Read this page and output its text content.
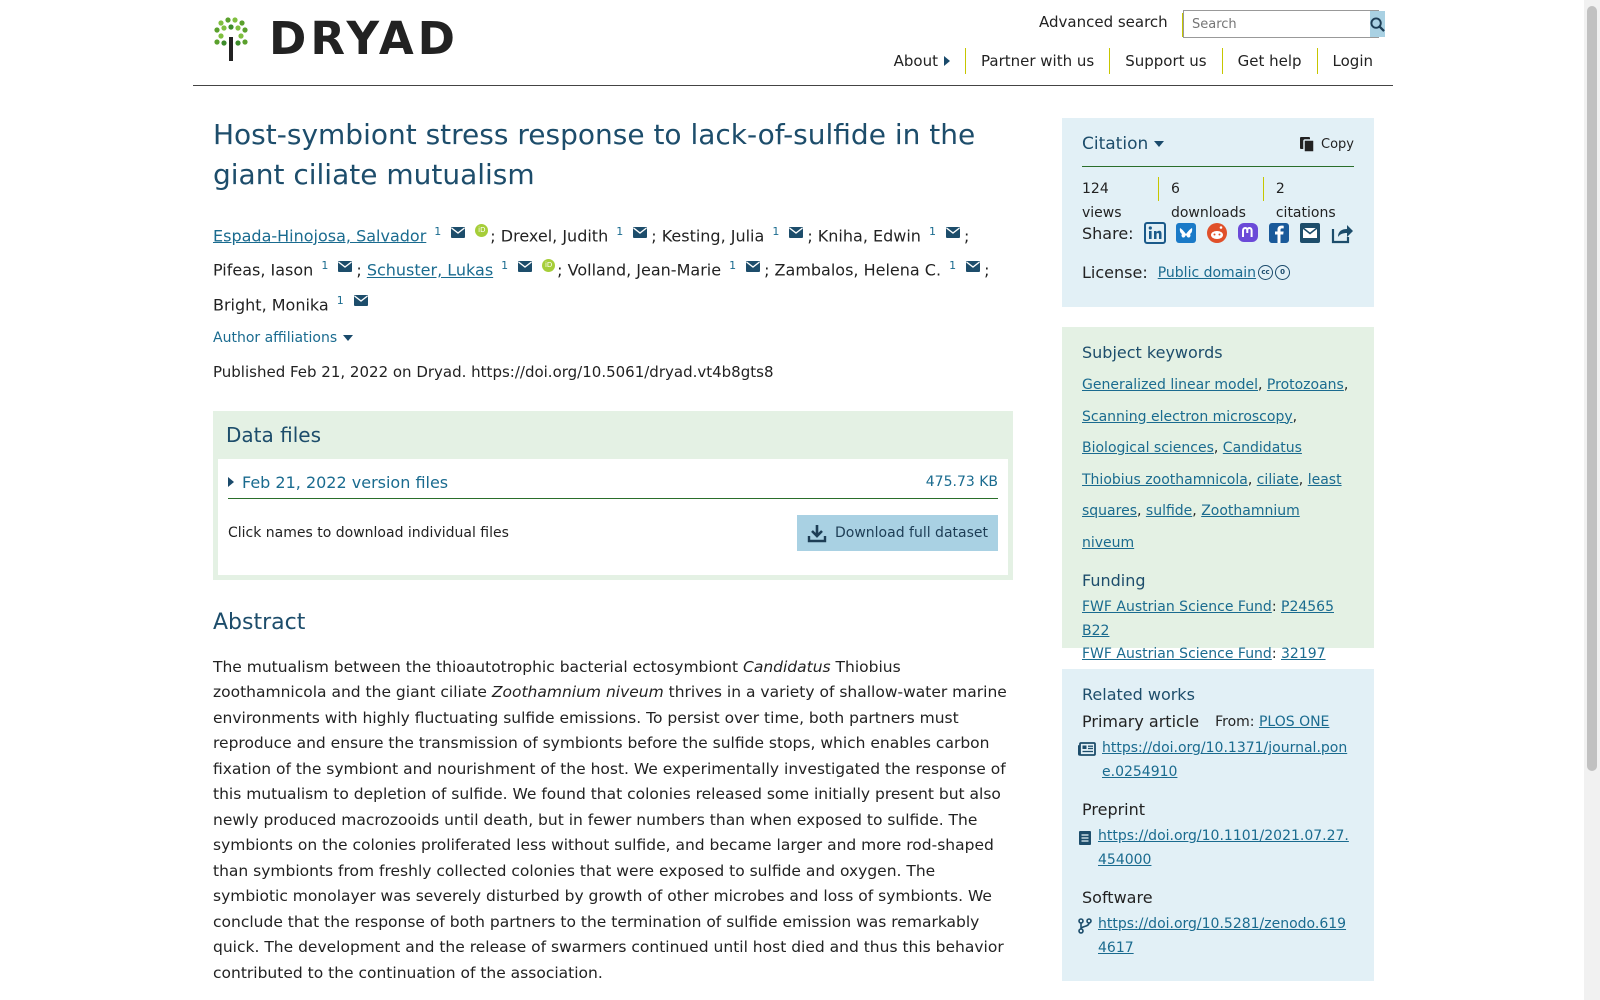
DRYAD	Advanced search
Search
About	Partner with us	Support us	Get help	Login
Host-symbiont stress response to lack-of-sulfide in the giant ciliate mutualism
Espada-Hinojosa, Salvador $^1$	iD ; Drexel, Judith $^1$ ; Kesting, Julia $^1$ ; Kniha, Edwin $^1$ ; Pifeas, Iason $^1$ ; Schuster, Lukas $^1$	iD ; Volland, Jean-Marie $^1$ ; Zambalos, Helena C. $^1$ ; Bright, Monika $^1$
Author affiliations
Published Feb 21, 2022 on Dryad. https://doi.org/10.5061/dryad.vt4b8gts8
Data files
Feb 21, 2022 version files	475.73 KB
Click names to download individual files	Download full dataset
Abstract

The mutualism between the thioautotrophic bacterial ectosymbiont Candidatus Thiobius zoothamnicola and the giant ciliate Zoothamnium niveum thrives in a variety of shallow-water marine environments with highly fluctuating sulfide emissions. To persist over time, both partners must reproduce and ensure the transmission of symbionts before the sulfide stops, which enables carbon fixation of the symbiont and nourishment of the host. We experimentally investigated the response of this mutualism to depletion of sulfide. We found that colonies released some initially present but also newly produced macrozooids until death, but in fewer numbers than when exposed to sulfide. The symbionts on the colonies proliferated less without sulfide, and became larger and more rod-shaped than symbionts from freshly collected colonies that were exposed to sulfide and oxygen. The symbiotic monolayer was severely disturbed by growth of other microbes and loss of symbionts. We conclude that the response of both partners to the termination of sulfide emission was remarkably quick. The development and the release of swarmers continued until host died and thus this behavior contributed to the continuation of the association.

Citation	Copy
124 views
6 downloads
2 citations
Share:
License: Public domain cc	0
Subject keywords
Generalized linear model, Protozoans, Scanning electron microscopy, Biological sciences, Candidatus Thiobius zoothamnicola, ciliate, least squares, sulfide, Zoothamnium niveum
Funding
FWF Austrian Science Fund: P24565 B22
FWF Austrian Science Fund: 32197
Related works
Primary article From: PLOS ONE
https://doi.org/10.1371/journal.pone.0254910
Preprint
https://doi.org/10.1101/2021.07.27.454000
Software
https://doi.org/10.5281/zenodo.6194617
